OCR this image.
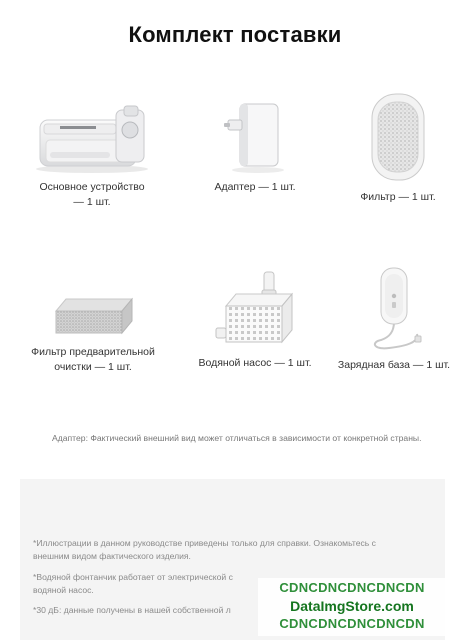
Комплект поставки
Основное устройство
— 1 шт.
Адаптер — 1 шт.
Фильтр — 1 шт.
Фильтр предварительной
очистки — 1 шт.	Водяной насос — 1 шт.	Зарядная база — 1 шт.
Адаптер: Фактический внешний вид может отличаться в зависимости от конкретной страны.
*Иллюстрации в данном руководстве приведены только для справки. Ознакомьтесь с внешним видом фактического изделия.
*Водяной фонтанчик работает от электрической с
водяной насос.
*30 дБ: данные получены в нашей собственной л
CDNCDNCDNCDNCDN
DataImgStore.com
CDNCDNCDNCDNCDN
